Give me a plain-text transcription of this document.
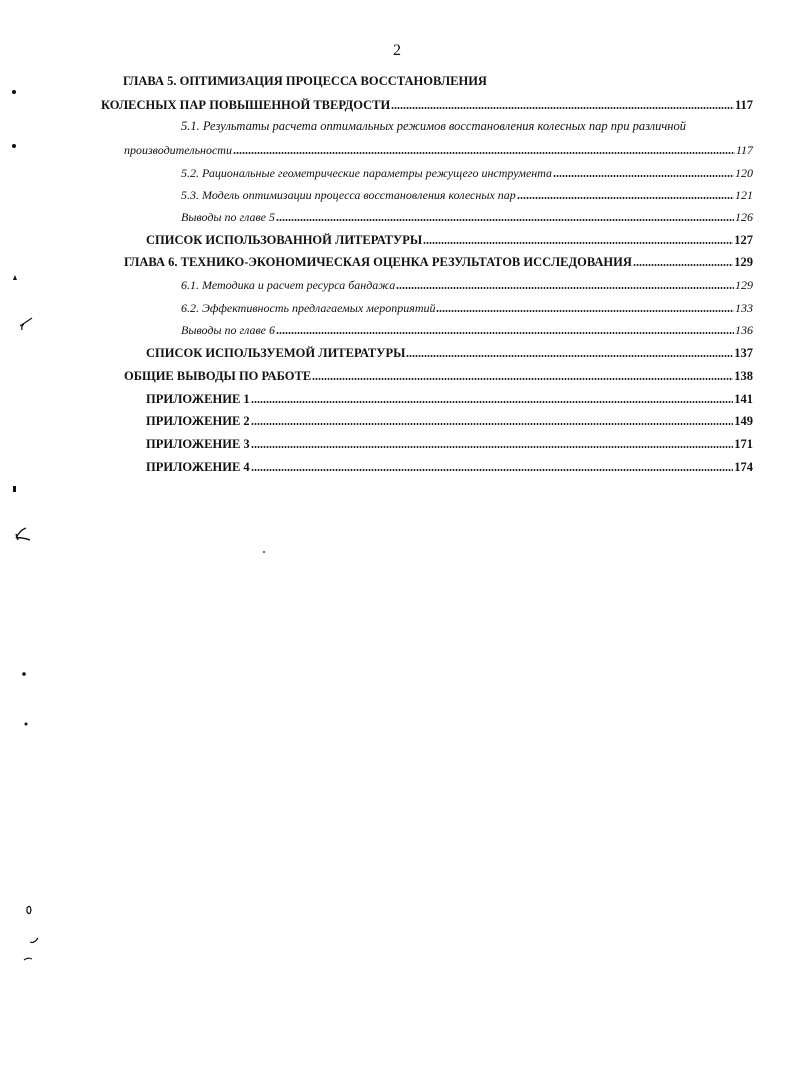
2
ГЛАВА 5. ОПТИМИЗАЦИЯ ПРОЦЕССА ВОССТАНОВЛЕНИЯ
КОЛЕСНЫХ ПАР ПОВЫШЕННОЙ ТВЕРДОСТИ	117
5.1. Результаты расчета оптимальных режимов восстановления колесных пар при различной
производительности	117
5.2. Рациональные геометрические параметры режущего инструмента	120
5.3. Модель оптимизации процесса восстановления колесных пар	121
Выводы по главе 5	126
СПИСОК ИСПОЛЬЗОВАННОЙ ЛИТЕРАТУРЫ	127
ГЛАВА 6. ТЕХНИКО-ЭКОНОМИЧЕСКАЯ ОЦЕНКА РЕЗУЛЬТАТОВ ИССЛЕДОВАНИЯ	129
6.1. Методика и расчет ресурса бандажа	129
6.2. Эффективность предлагаемых мероприятий	133
Выводы по главе 6	136
СПИСОК ИСПОЛЬЗУЕМОЙ ЛИТЕРАТУРЫ	137
ОБЩИЕ ВЫВОДЫ ПО РАБОТЕ	138
ПРИЛОЖЕНИЕ 1	141
ПРИЛОЖЕНИЕ 2	149
ПРИЛОЖЕНИЕ 3	171
ПРИЛОЖЕНИЕ 4	174
